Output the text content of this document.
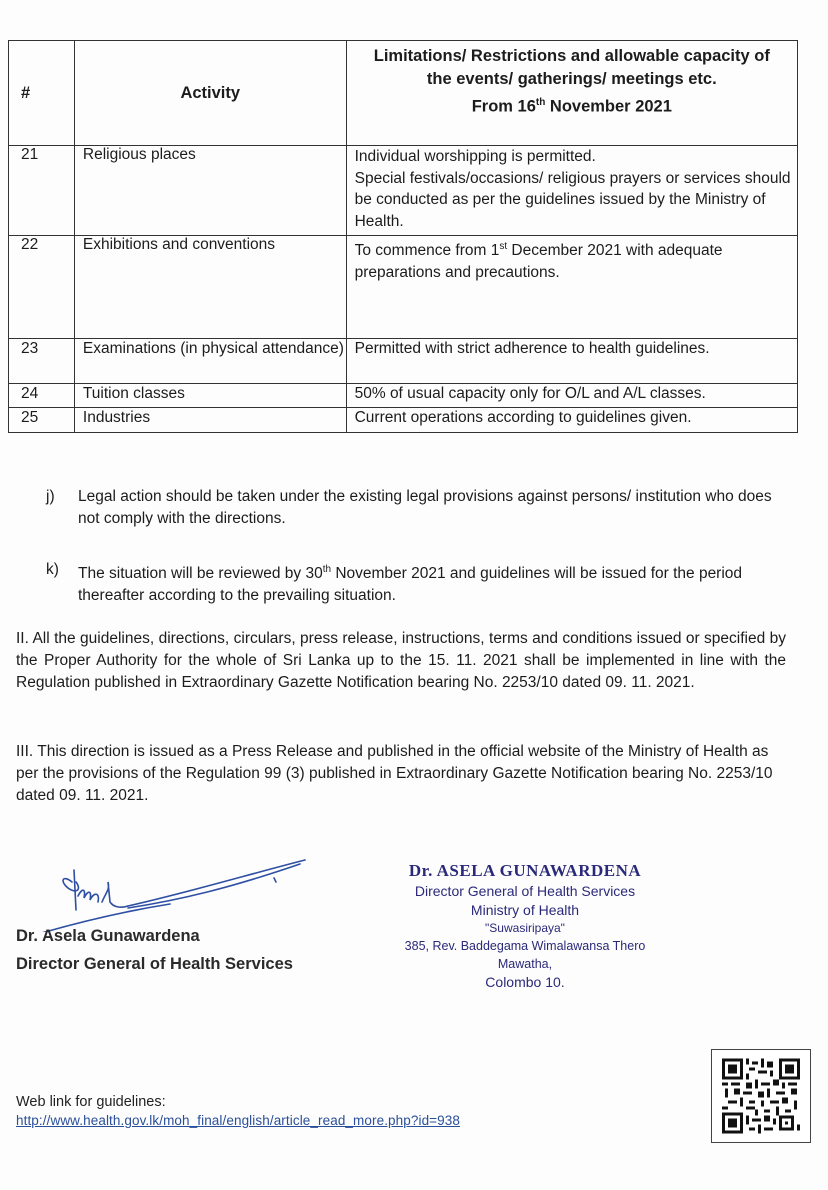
#	Activity	Limitations/ Restrictions and allowable capacity of
the events/ gatherings/ meetings etc.
From 16th November 2021

21	Religious places	Individual worshipping is permitted.
Special festivals/occasions/ religious prayers or services should be conducted as per the guidelines issued by the Ministry of Health.

22	Exhibitions and conventions	To commence from 1st December 2021 with adequate preparations and precautions.
23	Examinations (in physical attendance)	Permitted with strict adherence to health guidelines.
24	Tuition classes	50% of usual capacity only for O/L and A/L classes.
25	Industries	Current operations according to guidelines given.
j) Legal action should be taken under the existing legal provisions against persons/ institution who does not comply with the directions.
k) The situation will be reviewed by 30th November 2021 and guidelines will be issued for the period thereafter according to the prevailing situation.
II. All the guidelines, directions, circulars, press release, instructions, terms and conditions issued or specified by the Proper Authority for the whole of Sri Lanka up to the 15. 11. 2021 shall be implemented in line with the Regulation published in Extraordinary Gazette Notification bearing No. 2253/10 dated 09. 11. 2021.
III. This direction is issued as a Press Release and published in the official website of the Ministry of Health as per the provisions of the Regulation 99 (3) published in Extraordinary Gazette Notification bearing No. 2253/10 dated 09. 11. 2021.
Dr. Asela Gunawardena
Director General of Health Services
Dr. ASELA GUNAWARDENA
Director General of Health Services
Ministry of Health
"Suwasiripaya"
385, Rev. Baddegama Wimalawansa Thero Mawatha,
Colombo 10.
Web link for guidelines:
http://www.health.gov.lk/moh_final/english/article_read_more.php?id=938
